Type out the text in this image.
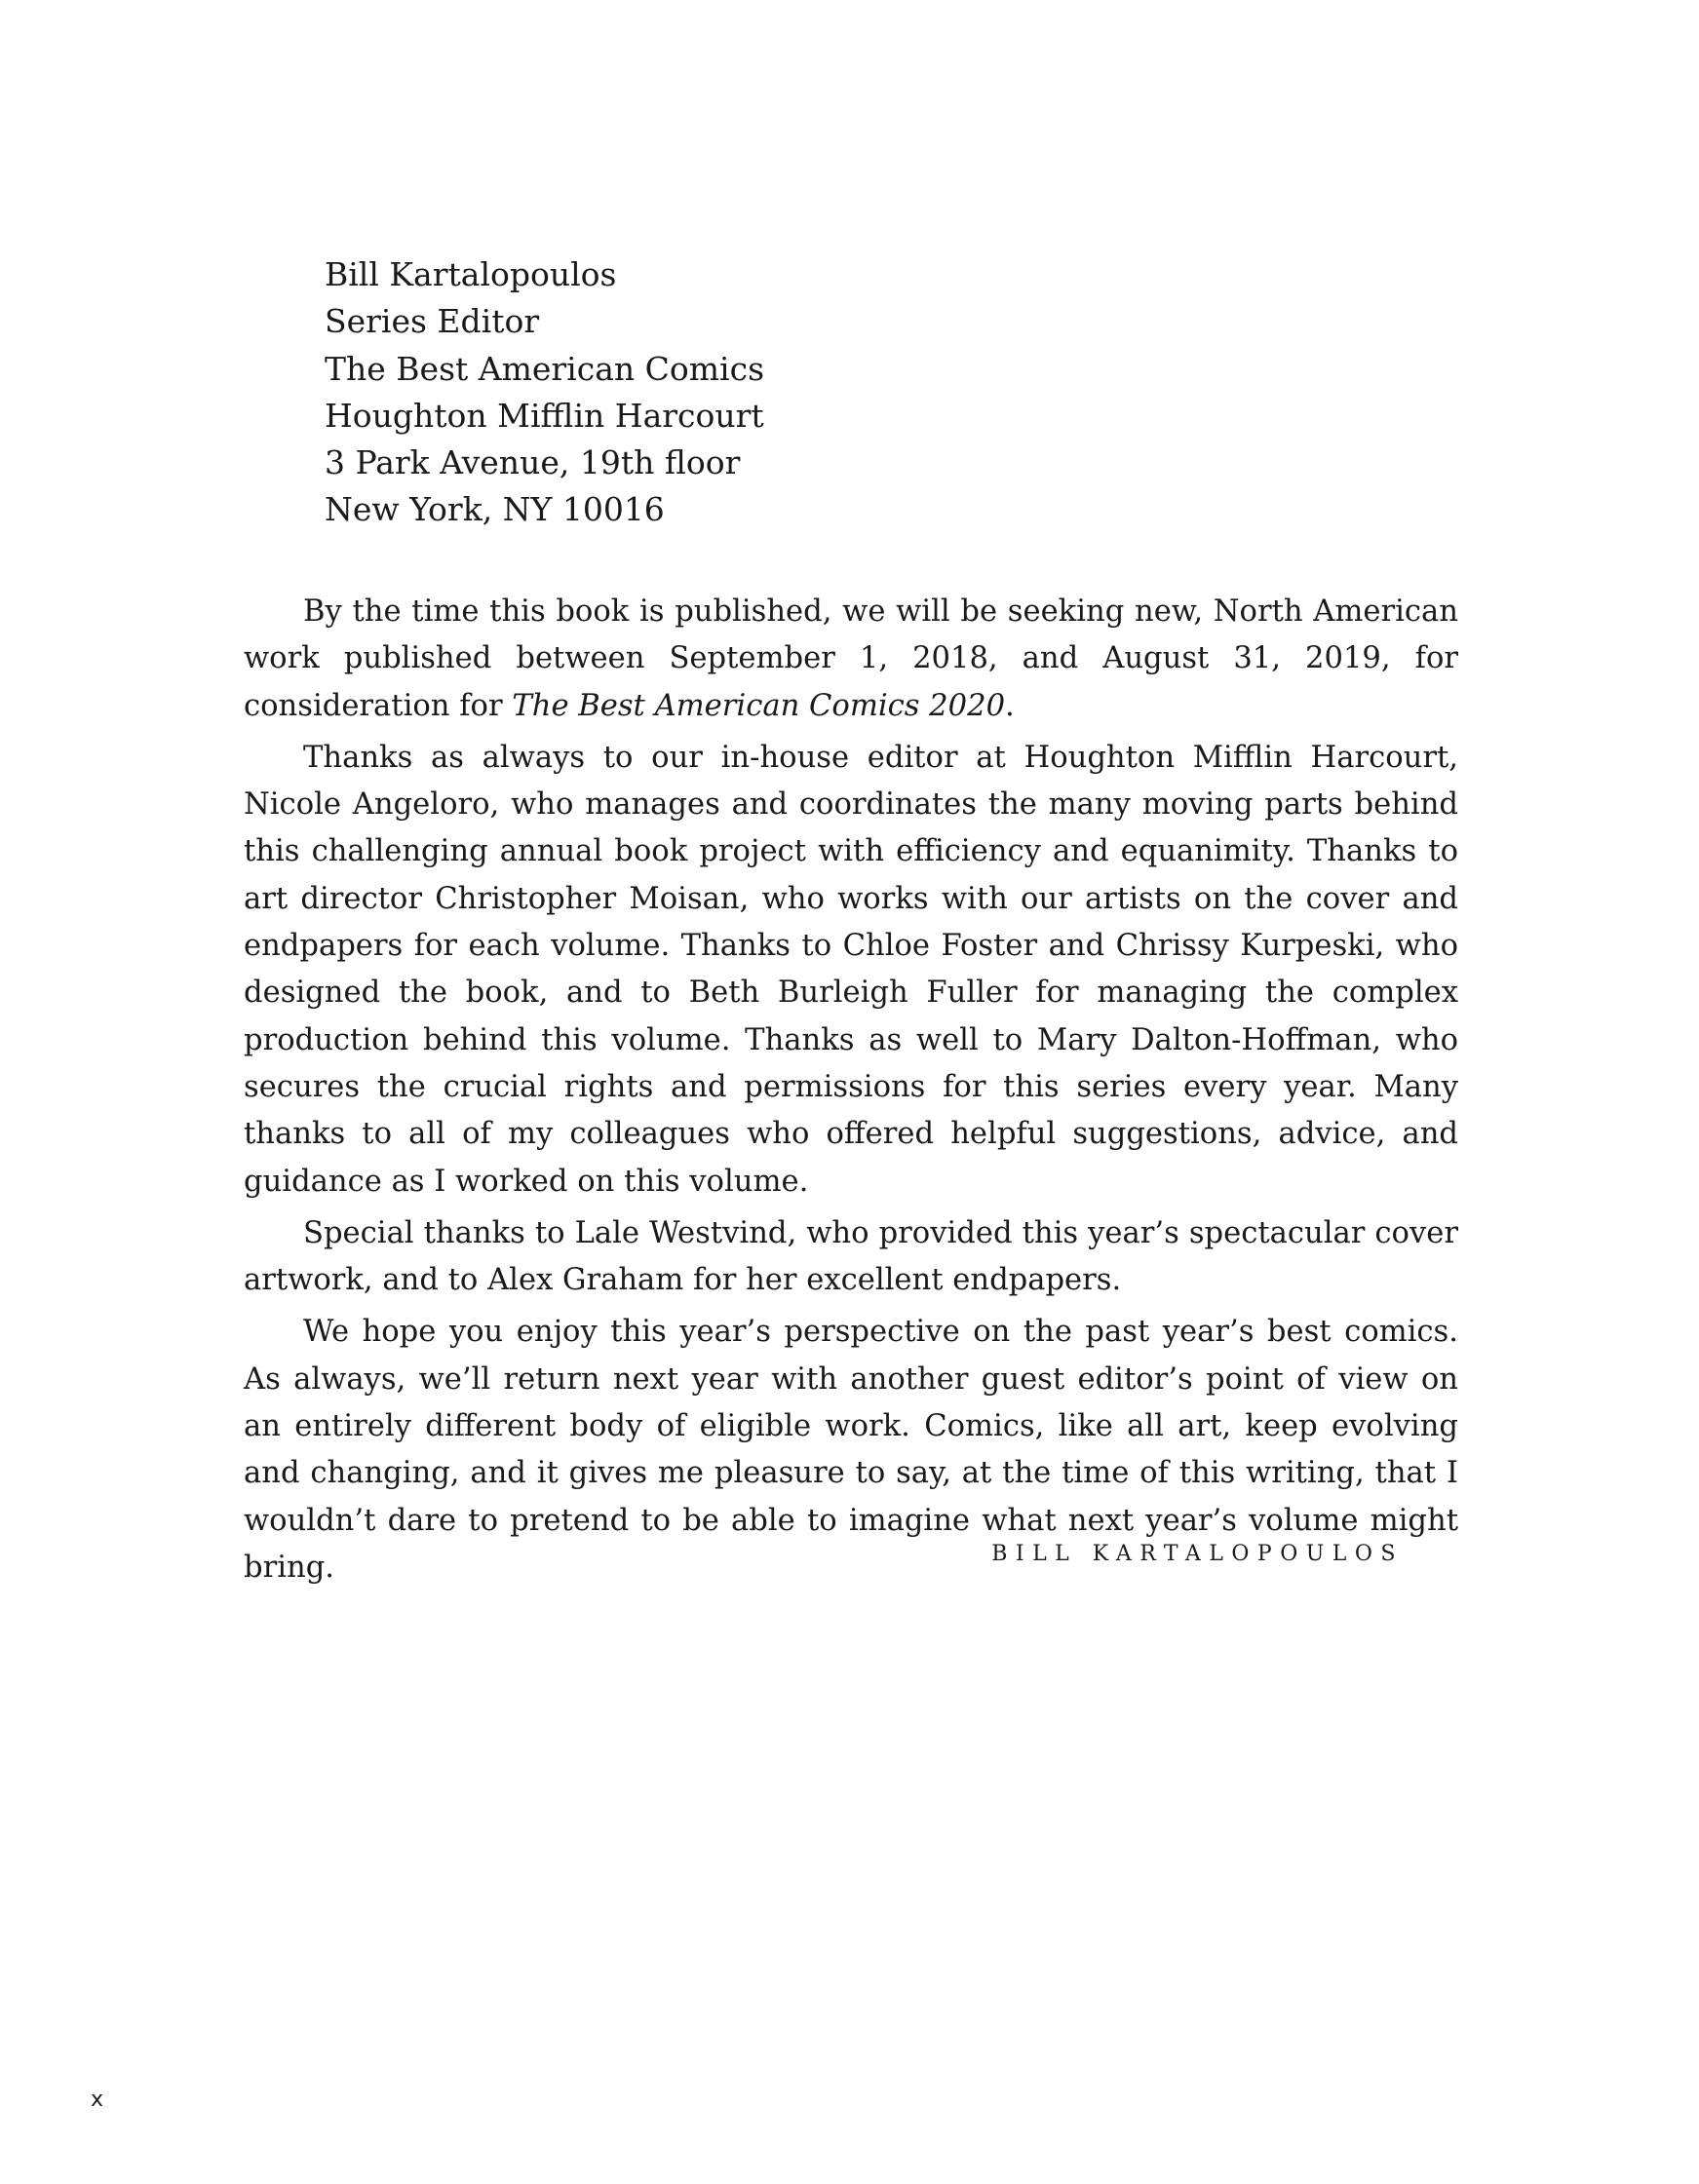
Bill Kartalopoulos
Series Editor
The Best American Comics
Houghton Mifflin Harcourt
3 Park Avenue, 19th floor
New York, NY 10016

By the time this book is published, we will be seeking new, North American work published between September 1, 2018, and August 31, 2019, for consideration for The Best American Comics 2020.

Thanks as always to our in-house editor at Houghton Mifflin Harcourt, Nicole Angeloro, who manages and coordinates the many moving parts behind this challenging annual book project with efficiency and equanimity. Thanks to art director Christopher Moisan, who works with our artists on the cover and endpapers for each volume. Thanks to Chloe Foster and Chrissy Kurpeski, who designed the book, and to Beth Burleigh Fuller for managing the complex production behind this volume. Thanks as well to Mary Dalton-Hoffman, who secures the crucial rights and permissions for this series every year. Many thanks to all of my colleagues who offered helpful suggestions, advice, and guidance as I worked on this volume.

Special thanks to Lale Westvind, who provided this year’s spectacular cover artwork, and to Alex Graham for her excellent endpapers.

We hope you enjoy this year’s perspective on the past year’s best comics. As always, we’ll return next year with another guest editor’s point of view on an entirely different body of eligible work. Comics, like all art, keep evolving and changing, and it gives me pleasure to say, at the time of this writing, that I wouldn’t dare to pretend to be able to imagine what next year’s volume might bring.	BILL KARTALOPOULOS
x
